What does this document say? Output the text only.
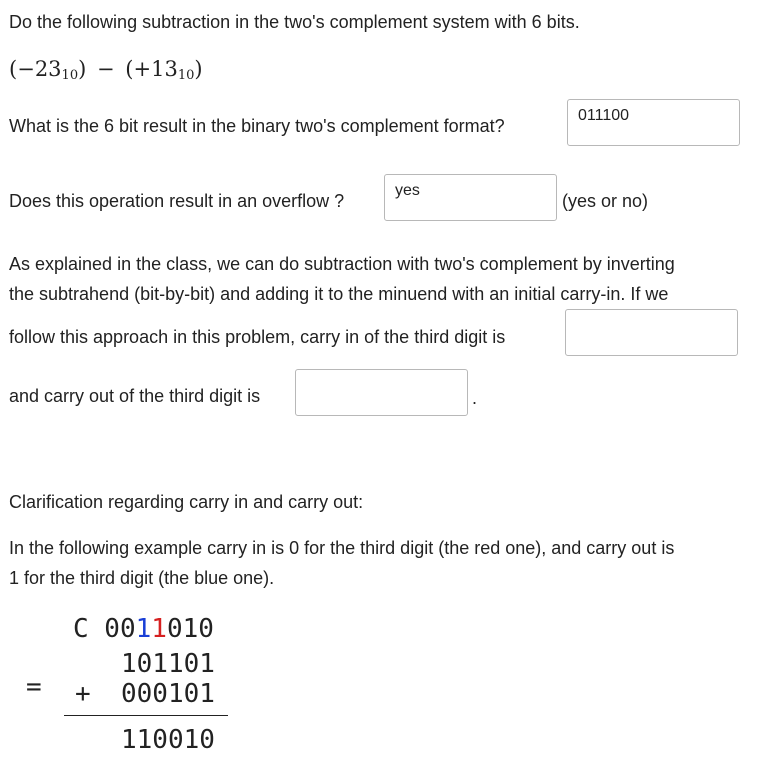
Do the following subtraction in the two's complement system with 6 bits.
$(-23_{10}) - (+13_{10})$
What is the 6 bit result in the binary two's complement format?
011100
Does this operation result in an overflow ?
yes	(yes or no)
As explained in the class, we can do subtraction with two's complement by inverting
the subtrahend (bit-by-bit) and adding it to the minuend with an initial carry-in. If we
follow this approach in this problem, carry in of the third digit is
and carry out of the third digit is	.
Clarification regarding carry in and carry out:
In the following example carry in is 0 for the third digit (the red one), and carry out is
1 for the third digit (the blue one).
C 0011010
101101
= + 000101
110010
